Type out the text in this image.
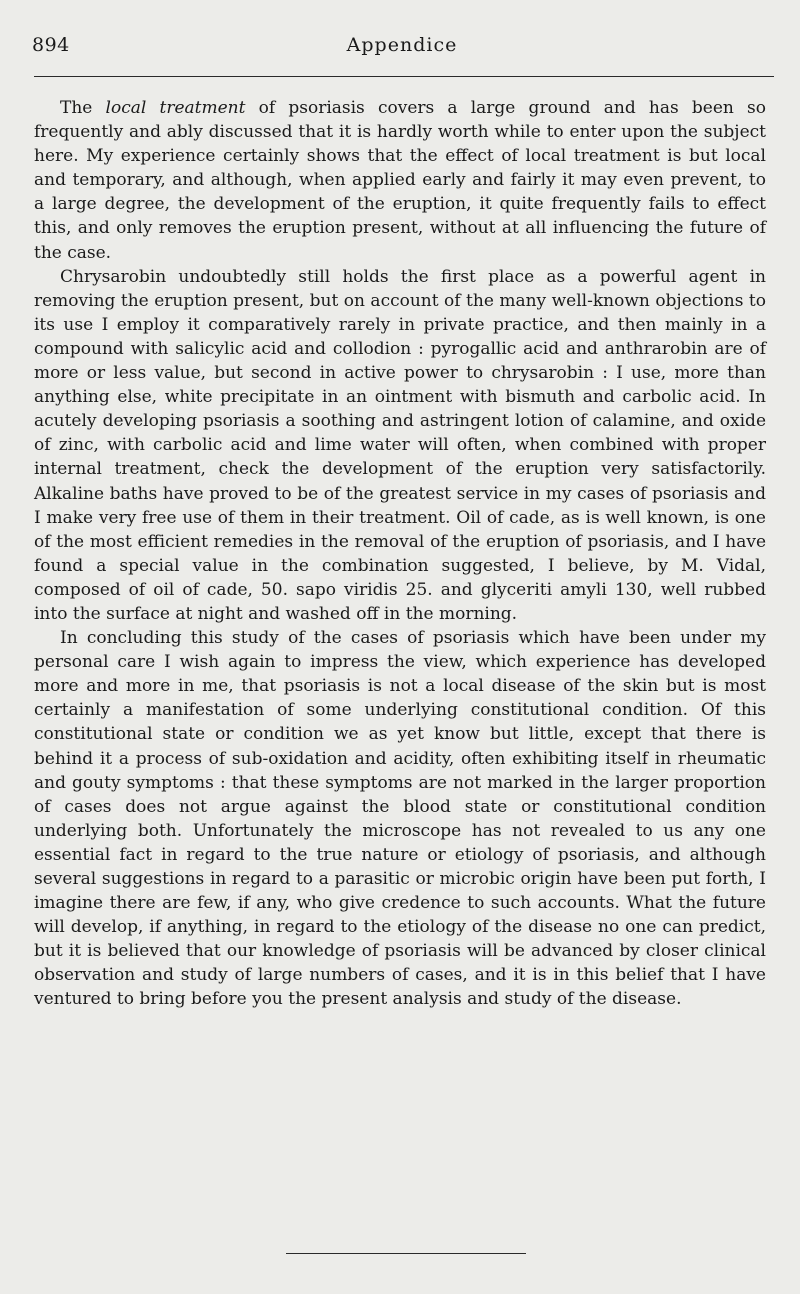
894	Appendice

The local treatment of psoriasis covers a large ground and has been so frequently and ably discussed that it is hardly worth while to enter upon the subject here. My experience certainly shows that the effect of local treatment is but local and temporary, and although, when applied early and fairly it may even prevent, to a large degree, the development of the eruption, it quite frequently fails to effect this, and only removes the eruption present, without at all influencing the future of the case.

Chrysarobin undoubtedly still holds the first place as a powerful agent in removing the eruption present, but on account of the many well-known objections to its use I employ it comparatively rarely in private practice, and then mainly in a compound with salicylic acid and collodion : pyrogallic acid and anthrarobin are of more or less value, but second in active power to chrysarobin : I use, more than anything else, white precipitate in an ointment with bismuth and carbolic acid. In acutely developing psoriasis a soothing and astringent lotion of calamine, and oxide of zinc, with carbolic acid and lime water will often, when combined with proper internal treatment, check the development of the eruption very satisfactorily. Alkaline baths have proved to be of the greatest service in my cases of psoriasis and I make very free use of them in their treatment. Oil of cade, as is well known, is one of the most efficient remedies in the removal of the eruption of psoriasis, and I have found a special value in the combination suggested, I believe, by M. Vidal, composed of oil of cade, 50. sapo viridis 25. and glyceriti amyli 130, well rubbed into the surface at night and washed off in the morning.

In concluding this study of the cases of psoriasis which have been under my personal care I wish again to impress the view, which experience has developed more and more in me, that psoriasis is not a local disease of the skin but is most certainly a manifestation of some underlying constitutional condition. Of this constitutional state or condition we as yet know but little, except that there is behind it a process of sub-oxidation and acidity, often exhibiting itself in rheumatic and gouty symptoms : that these symptoms are not marked in the larger proportion of cases does not argue against the blood state or constitutional condition underlying both. Unfortunately the microscope has not revealed to us any one essential fact in regard to the true nature or etiology of psoriasis, and although several suggestions in regard to a parasitic or microbic origin have been put forth, I imagine there are few, if any, who give credence to such accounts. What the future will develop, if anything, in regard to the etiology of the disease no one can predict, but it is believed that our knowledge of psoriasis will be advanced by closer clinical observation and study of large numbers of cases, and it is in this belief that I have ventured to bring before you the present analysis and study of the disease.
